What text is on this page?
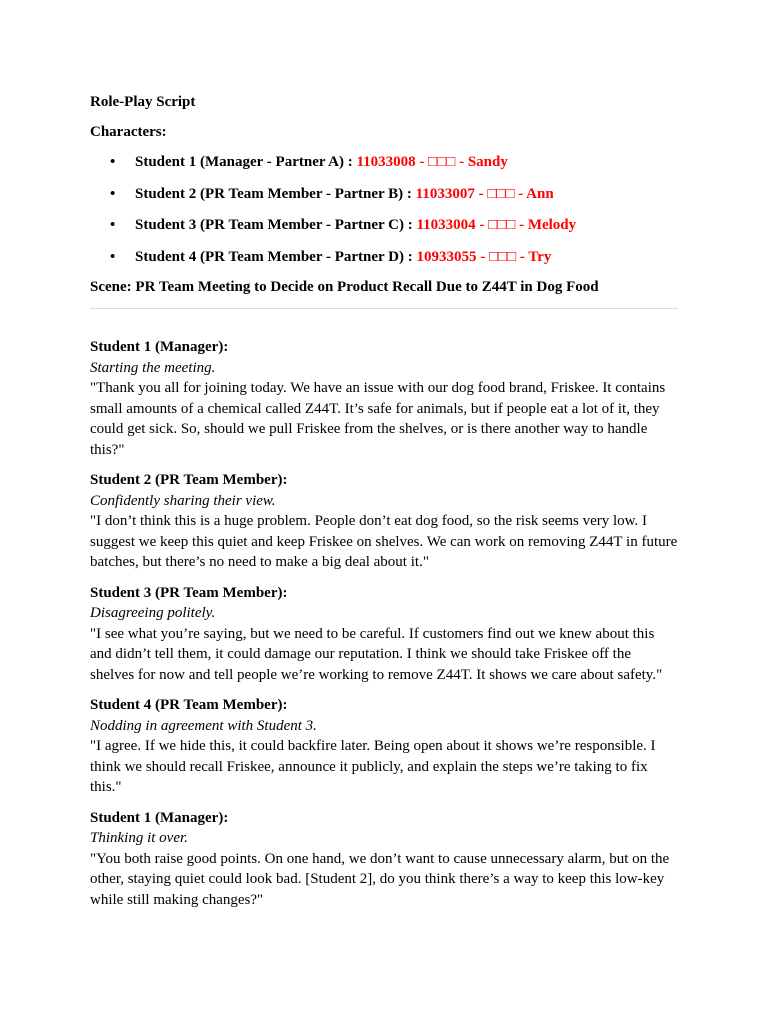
Role-Play Script

Characters:

• Student 1 (Manager - Partner A) : 11033008 - □□□ - Sandy
• Student 2 (PR Team Member - Partner B) : 11033007 - □□□ - Ann
• Student 3 (PR Team Member - Partner C) : 11033004 - □□□ - Melody
• Student 4 (PR Team Member - Partner D) : 10933055 - □□□ - Try

Scene: PR Team Meeting to Decide on Product Recall Due to Z44T in Dog Food

Student 1 (Manager):
Starting the meeting.
"Thank you all for joining today. We have an issue with our dog food brand, Friskee. It contains small amounts of a chemical called Z44T. It’s safe for animals, but if people eat a lot of it, they could get sick. So, should we pull Friskee from the shelves, or is there another way to handle this?"
Student 2 (PR Team Member):
Confidently sharing their view.
"I don’t think this is a huge problem. People don’t eat dog food, so the risk seems very low. I suggest we keep this quiet and keep Friskee on shelves. We can work on removing Z44T in future batches, but there’s no need to make a big deal about it."
Student 3 (PR Team Member):
Disagreeing politely.
"I see what you’re saying, but we need to be careful. If customers find out we knew about this and didn’t tell them, it could damage our reputation. I think we should take Friskee off the shelves for now and tell people we’re working to remove Z44T. It shows we care about safety."
Student 4 (PR Team Member):
Nodding in agreement with Student 3.
"I agree. If we hide this, it could backfire later. Being open about it shows we’re responsible. I think we should recall Friskee, announce it publicly, and explain the steps we’re taking to fix this."
Student 1 (Manager):
Thinking it over.
"You both raise good points. On one hand, we don’t want to cause unnecessary alarm, but on the other, staying quiet could look bad. [Student 2], do you think there’s a way to keep this low-key while still making changes?"
